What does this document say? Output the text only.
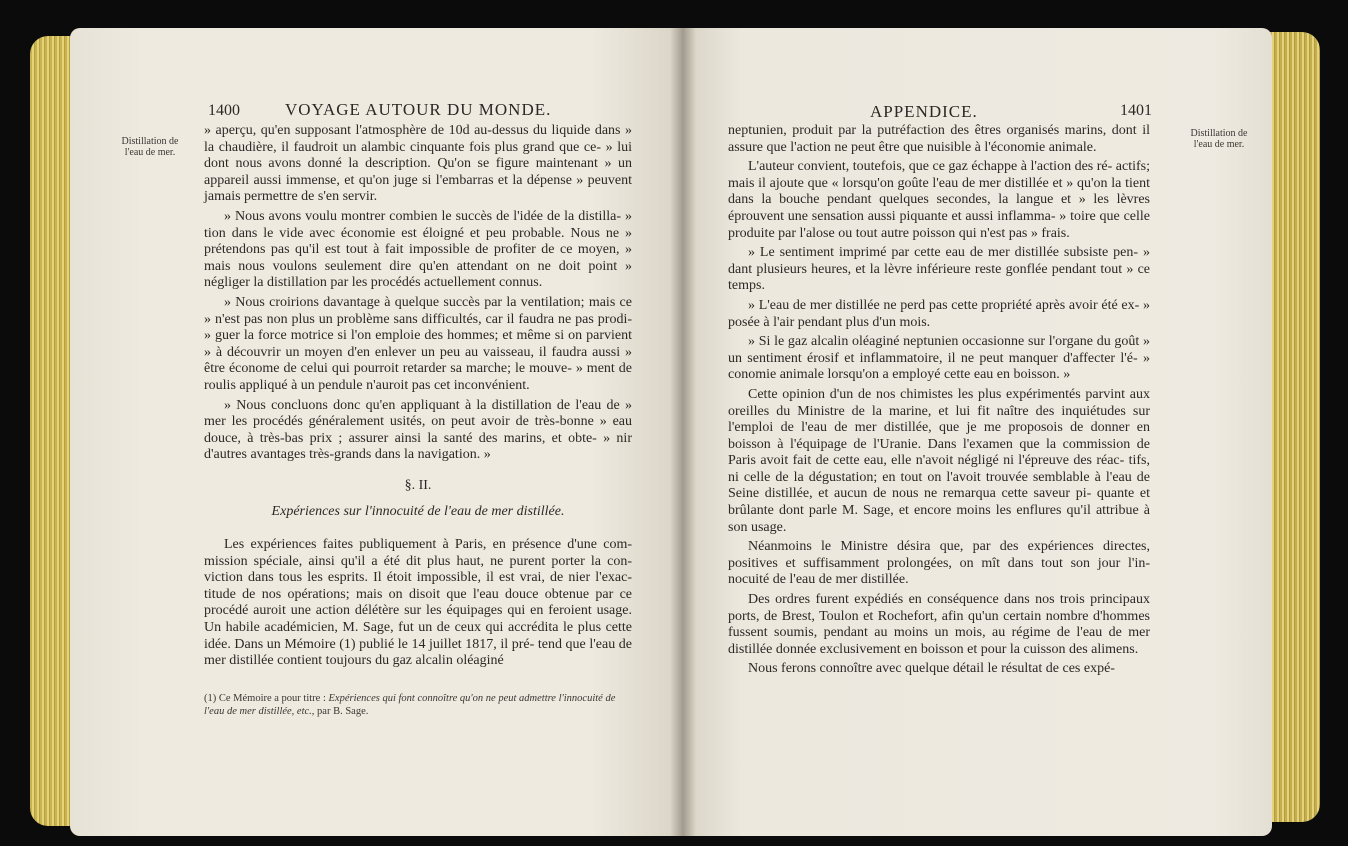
1400	VOYAGE AUTOUR DU MONDE.
Distillation de l'eau de mer.

» aperçu, qu'en supposant l'atmosphère de 10d au-dessus du liquide dans » la chaudière, il faudroit un alambic cinquante fois plus grand que ce- » lui dont nous avons donné la description. Qu'on se figure maintenant » un appareil aussi immense, et qu'on juge si l'embarras et la dépense » peuvent jamais permettre de s'en servir.

» Nous avons voulu montrer combien le succès de l'idée de la distilla- » tion dans le vide avec économie est éloigné et peu probable. Nous ne » prétendons pas qu'il est tout à fait impossible de profiter de ce moyen, » mais nous voulons seulement dire qu'en attendant on ne doit point » négliger la distillation par les procédés actuellement connus.

» Nous croirions davantage à quelque succès par la ventilation; mais ce » n'est pas non plus un problème sans difficultés, car il faudra ne pas prodi- » guer la force motrice si l'on emploie des hommes; et même si on parvient » à découvrir un moyen d'en enlever un peu au vaisseau, il faudra aussi » être économe de celui qui pourroit retarder sa marche; le mouve- » ment de roulis appliqué à un pendule n'auroit pas cet inconvénient.

» Nous concluons donc qu'en appliquant à la distillation de l'eau de » mer les procédés généralement usités, on peut avoir de très-bonne » eau douce, à très-bas prix ; assurer ainsi la santé des marins, et obte- » nir d'autres avantages très-grands dans la navigation. »

§. II.
Expériences sur l'innocuité de l'eau de mer distillée.

Les expériences faites publiquement à Paris, en présence d'une com- mission spéciale, ainsi qu'il a été dit plus haut, ne purent porter la con- viction dans tous les esprits. Il étoit impossible, il est vrai, de nier l'exac- titude de nos opérations; mais on disoit que l'eau douce obtenue par ce procédé auroit une action délétère sur les équipages qui en feroient usage. Un habile académicien, M. Sage, fut un de ceux qui accrédita le plus cette idée. Dans un Mémoire (1) publié le 14 juillet 1817, il pré- tend que l'eau de mer distillée contient toujours du gaz alcalin oléaginé

(1) Ce Mémoire a pour titre : Expériences qui font connoître qu'on ne peut admettre l'innocuité de l'eau de mer distillée, etc., par B. Sage.
APPENDICE.	1401
Distillation de l'eau de mer.

neptunien, produit par la putréfaction des êtres organisés marins, dont il assure que l'action ne peut être que nuisible à l'économie animale.

L'auteur convient, toutefois, que ce gaz échappe à l'action des ré- actifs; mais il ajoute que « lorsqu'on goûte l'eau de mer distillée et » qu'on la tient dans la bouche pendant quelques secondes, la langue et » les lèvres éprouvent une sensation aussi piquante et aussi inflamma- » toire que celle produite par l'alose ou tout autre poisson qui n'est pas » frais.

» Le sentiment imprimé par cette eau de mer distillée subsiste pen- » dant plusieurs heures, et la lèvre inférieure reste gonflée pendant tout » ce temps.

» L'eau de mer distillée ne perd pas cette propriété après avoir été ex- » posée à l'air pendant plus d'un mois.

» Si le gaz alcalin oléaginé neptunien occasionne sur l'organe du goût » un sentiment érosif et inflammatoire, il ne peut manquer d'affecter l'é- » conomie animale lorsqu'on a employé cette eau en boisson. »

Cette opinion d'un de nos chimistes les plus expérimentés parvint aux oreilles du Ministre de la marine, et lui fit naître des inquiétudes sur l'emploi de l'eau de mer distillée, que je me proposois de donner en boisson à l'équipage de l'Uranie. Dans l'examen que la commission de Paris avoit fait de cette eau, elle n'avoit négligé ni l'épreuve des réac- tifs, ni celle de la dégustation; en tout on l'avoit trouvée semblable à l'eau de Seine distillée, et aucun de nous ne remarqua cette saveur pi- quante et brûlante dont parle M. Sage, et encore moins les enflures qu'il attribue à son usage.

Néanmoins le Ministre désira que, par des expériences directes, positives et suffisamment prolongées, on mît dans tout son jour l'in- nocuité de l'eau de mer distillée.

Des ordres furent expédiés en conséquence dans nos trois principaux ports, de Brest, Toulon et Rochefort, afin qu'un certain nombre d'hommes fussent soumis, pendant au moins un mois, au régime de l'eau de mer distillée donnée exclusivement en boisson et pour la cuisson des alimens.

Nous ferons connoître avec quelque détail le résultat de ces expé-
